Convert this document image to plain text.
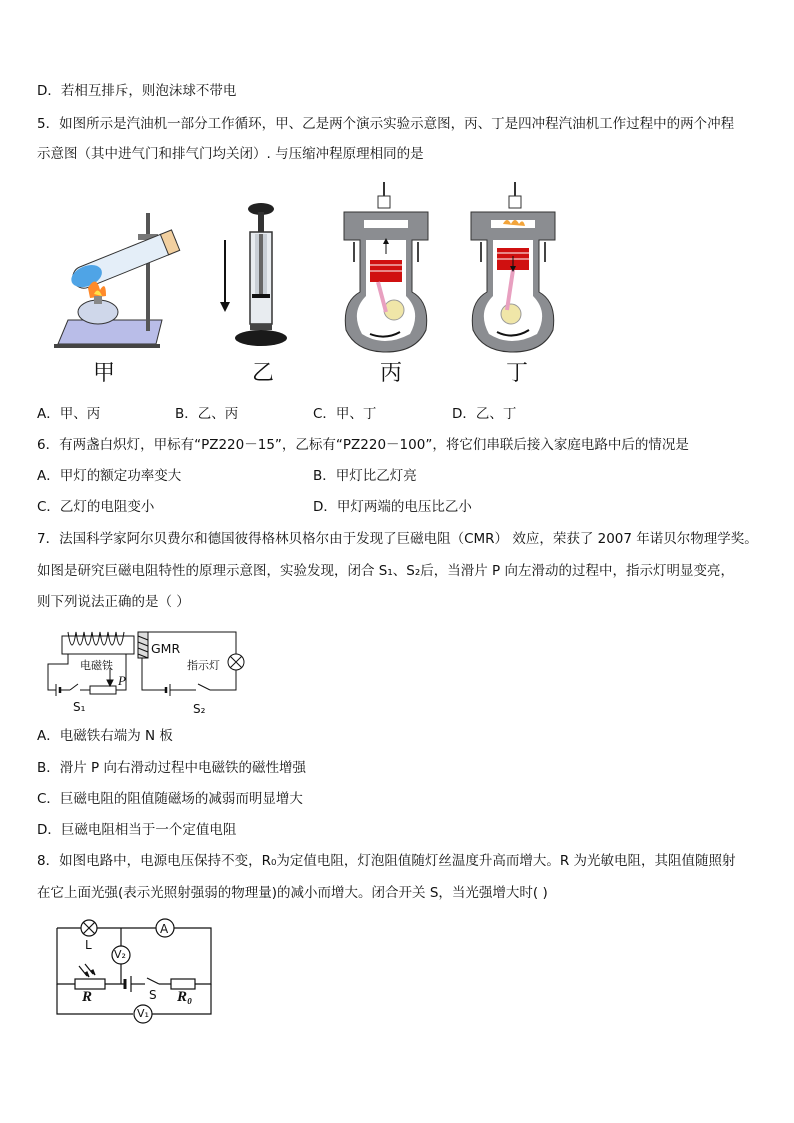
D．若相互排斥，则泡沫球不带电
5．如图所示是汽油机一部分工作循环，甲、乙是两个演示实验示意图，丙、丁是四冲程汽油机工作过程中的两个冲程
示意图（其中进气门和排气门均关闭）. 与压缩冲程原理相同的是
甲	乙	丙	丁
A．甲、丙	B．乙、丙	C．甲、丁	D．乙、丁
6．有两盏白炽灯，甲标有“PZ220－15”，乙标有“PZ220－100”，将它们串联后接入家庭电路中后的情况是
A．甲灯的额定功率变大	B．甲灯比乙灯亮
C．乙灯的电阻变小	D．甲灯两端的电压比乙小
7．法国科学家阿尔贝费尔和德国彼得格林贝格尔由于发现了巨磁电阻（CMR） 效应，荣获了 2007 年诺贝尔物理学奖。
如图是研究巨磁电阻特性的原理示意图，实验发现，闭合 S₁、S₂后，当滑片 P 向左滑动的过程中，指示灯明显变亮，
则下列说法正确的是（ ）
GMR
电磁铁	指示灯
P
S₁	S₂
A．电磁铁右端为 N 板
B．滑片 P 向右滑动过程中电磁铁的磁性增强
C．巨磁电阻的阻值随磁场的减弱而明显增大
D．巨磁电阻相当于一个定值电阻
8．如图电路中，电源电压保持不变，R₀为定值电阻，灯泡阻值随灯丝温度升高而增大。R 为光敏电阻，其阻值随照射
在它上面光强(表示光照射强弱的物理量)的减小而增大。闭合开关 S，当光强增大时( )
L
A
V₂
V₁
R	S R₀
